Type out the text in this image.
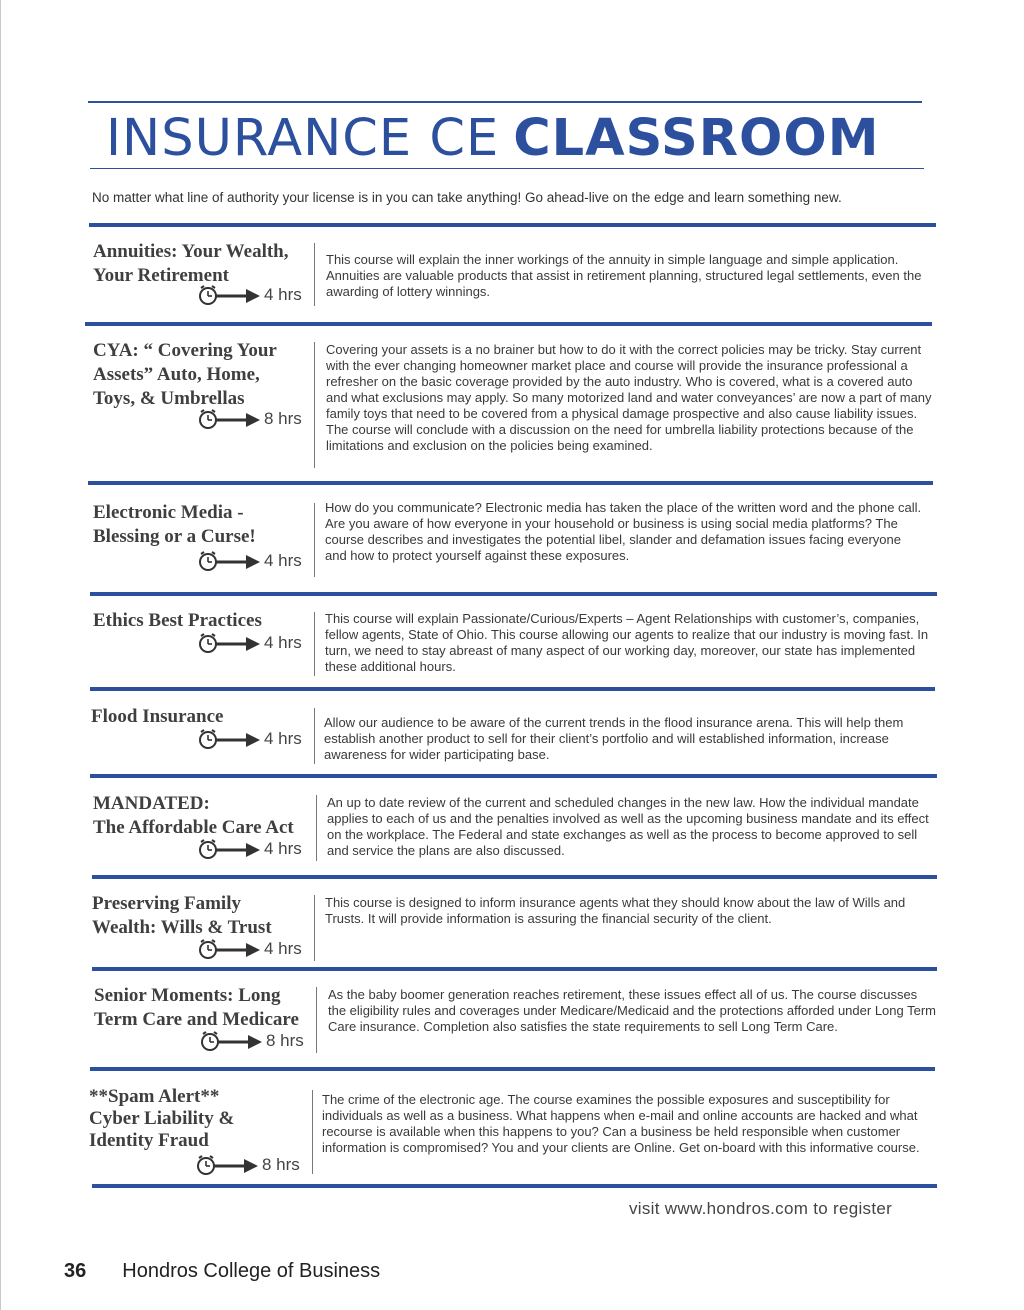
INSURANCE CE CLASSROOM
No matter what line of authority your license is in you can take anything! Go ahead-live on the edge and learn something new.
Annuities: Your Wealth,
Your Retirement
4 hrs
This course will explain the inner workings of the annuity in simple language and simple application. Annuities are valuable products that assist in retirement planning, structured legal settlements, even the awarding of lottery winnings.
CYA: “ Covering Your
Assets” Auto, Home,
Toys, & Umbrellas
8 hrs
Covering your assets is a no brainer but how to do it with the correct policies may be tricky. Stay current with the ever changing homeowner market place and course will provide the insurance professional a refresher on the basic coverage provided by the auto industry. Who is covered, what is a covered auto and what exclusions may apply. So many motorized land and water conveyances’ are now a part of many family toys that need to be covered from a physical damage prospective and also cause liability issues. The course will conclude with a discussion on the need for umbrella liability protections because of the limitations and exclusion on the policies being examined.
Electronic Media -
Blessing or a Curse!
4 hrs
How do you communicate? Electronic media has taken the place of the written word and the phone call. Are you aware of how everyone in your household or business is using social media platforms? The course describes and investigates the potential libel, slander and defamation issues facing everyone and how to protect yourself against these exposures.
Ethics Best Practices
4 hrs
This course will explain Passionate/Curious/Experts – Agent Relationships with customer’s, companies, fellow agents, State of Ohio. This course allowing our agents to realize that our industry is moving fast. In turn, we need to stay abreast of many aspect of our working day, moreover, our state has implemented these additional hours.
Flood Insurance
4 hrs
Allow our audience to be aware of the current trends in the flood insurance arena. This will help them establish another product to sell for their client’s portfolio and will established information, increase awareness for wider participating base.
MANDATED:
The Affordable Care Act
4 hrs
An up to date review of the current and scheduled changes in the new law. How the individual mandate applies to each of us and the penalties involved as well as the upcoming business mandate and its effect on the workplace. The Federal and state exchanges as well as the process to become approved to sell and service the plans are also discussed.
Preserving Family
Wealth: Wills & Trust
4 hrs
This course is designed to inform insurance agents what they should know about the law of Wills and Trusts. It will provide information is assuring the financial security of the client.
Senior Moments: Long
Term Care and Medicare
8 hrs
As the baby boomer generation reaches retirement, these issues effect all of us. The course discusses the eligibility rules and coverages under Medicare/Medicaid and the protections afforded under Long Term Care insurance. Completion also satisfies the state requirements to sell Long Term Care.
**Spam Alert**
Cyber Liability &
Identity Fraud
8 hrs
The crime of the electronic age. The course examines the possible exposures and susceptibility for individuals as well as a business. What happens when e-mail and online accounts are hacked and what recourse is available when this happens to you? Can a business be held responsible when customer information is compromised? You and your clients are Online. Get on-board with this informative course.
visit www.hondros.com to register
36 Hondros College of Business
